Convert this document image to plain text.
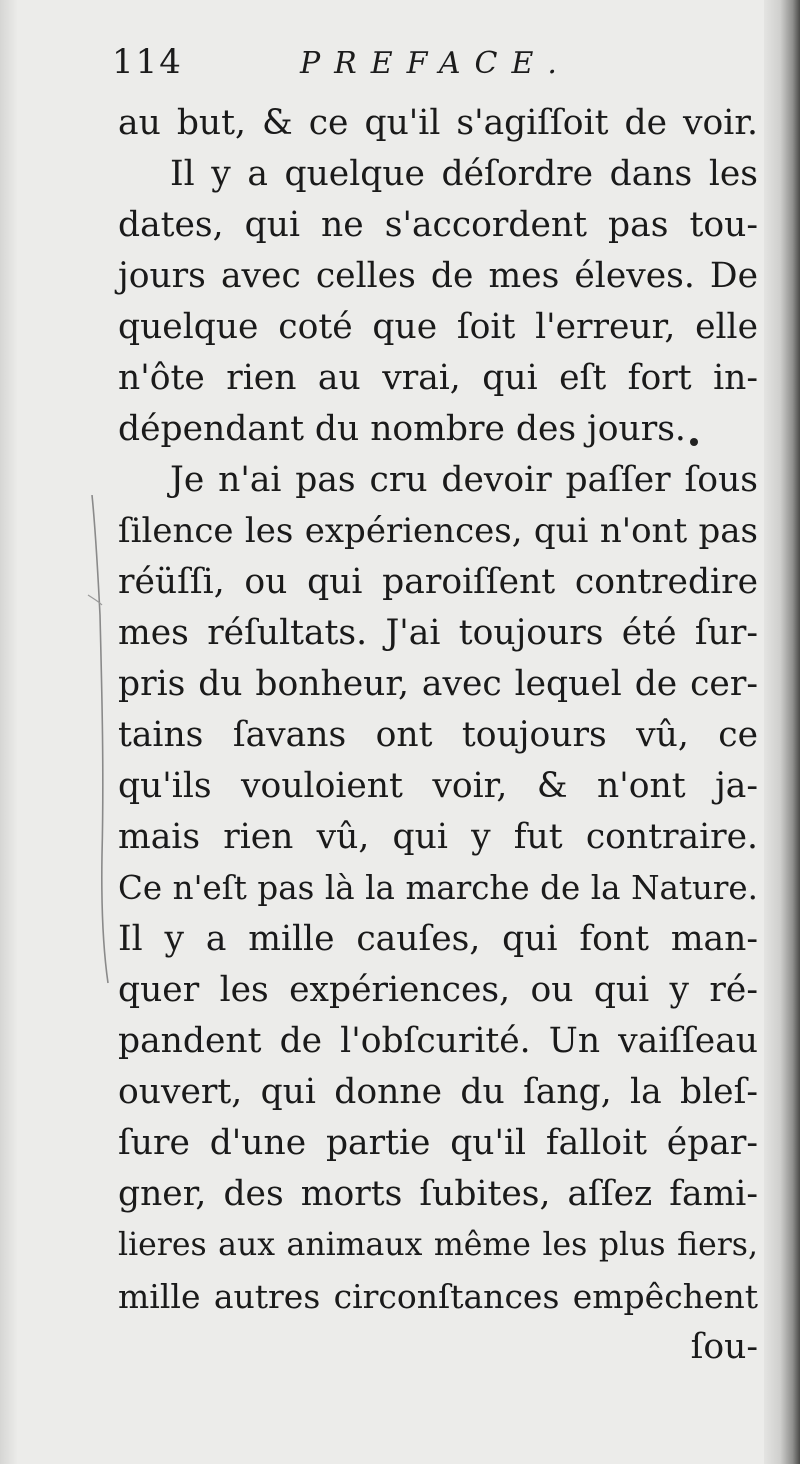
114	PREFACE.
au but, & ce qu'il s'agiſſoit de voir.
Il y a quelque déſordre dans les
dates, qui ne s'accordent pas tou-
jours avec celles de mes éleves. De
quelque coté que ſoit l'erreur, elle
n'ôte rien au vrai, qui eſt fort in-
dépendant du nombre des jours.
Je n'ai pas cru devoir paſſer ſous
ſilence les expériences, qui n'ont pas
réüſſi, ou qui paroiſſent contredire
mes réſultats. J'ai toujours été ſur-
pris du bonheur, avec lequel de cer-
tains ſavans ont toujours vû, ce
qu'ils vouloient voir, & n'ont ja-
mais rien vû, qui y fut contraire.
Ce n'eſt pas là la marche de la Nature.
Il y a mille cauſes, qui font man-
quer les expériences, ou qui y ré-
pandent de l'obſcurité. Un vaiſſeau
ouvert, qui donne du ſang, la bleſ-
ſure d'une partie qu'il falloit épar-
gner, des morts ſubites, aſſez fami-
lieres aux animaux même les plus fiers,
mille autres circonſtances empêchent
ſou-
